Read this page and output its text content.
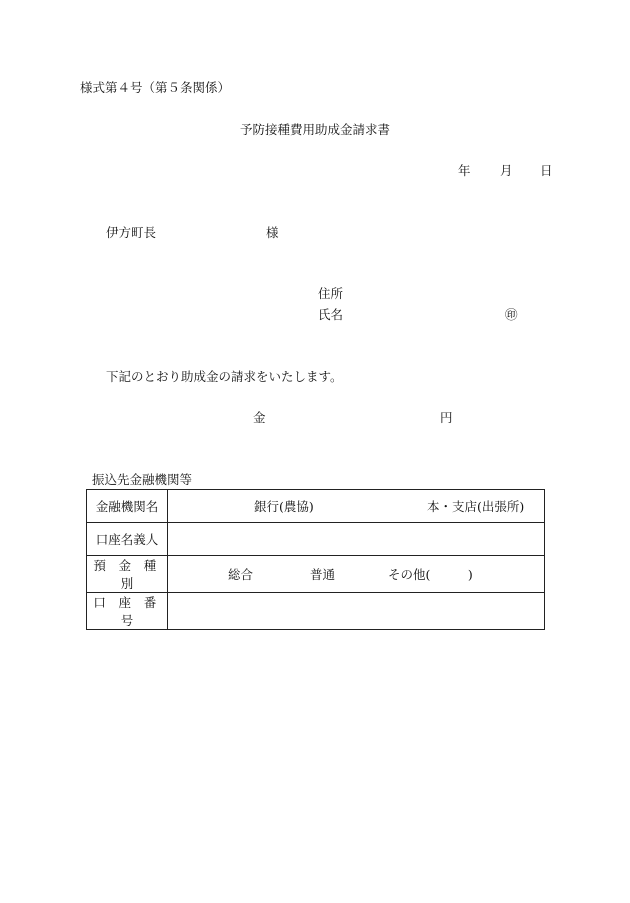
様式第４号（第５条関係）
予防接種費用助成金請求書
年 月 日
伊方町長	様
住所
氏名	㊞
下記のとおり助成金の請求をいたします。
金	円
振込先金融機関等
金融機関名	銀行(農協) 本・支店(出張所)

口座名義人	
預 金 種 別	総合 普通 その他(　　　)

口 座 番 号	
